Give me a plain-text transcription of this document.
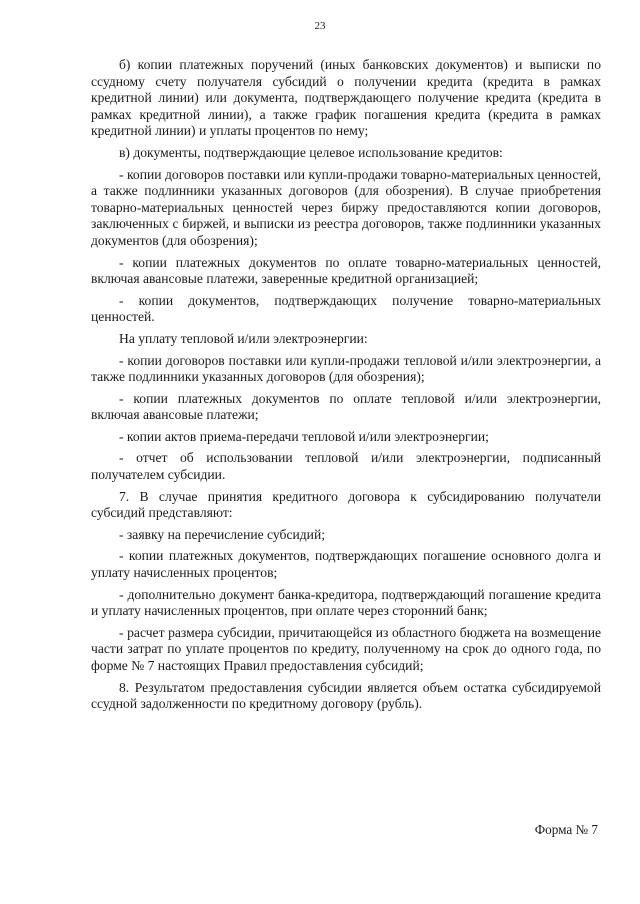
23

б) копии платежных поручений (иных банковских документов) и выписки по ссудному счету получателя субсидий о получении кредита (кредита в рамках кредитной линии) или документа, подтверждающего получение кредита (кредита в рамках кредитной линии), а также график погашения кредита (кредита в рамках кредитной линии) и уплаты процентов по нему;

в) документы, подтверждающие целевое использование кредитов:

- копии договоров поставки или купли-продажи товарно-материальных ценностей, а также подлинники указанных договоров (для обозрения). В случае приобретения товарно-материальных ценностей через биржу предоставляются копии договоров, заключенных с биржей, и выписки из реестра договоров, также подлинники указанных документов (для обозрения);

- копии платежных документов по оплате товарно-материальных ценностей, включая авансовые платежи, заверенные кредитной организацией;

- копии документов, подтверждающих получение товарно-материальных ценностей.

На уплату тепловой и/или электроэнергии:

- копии договоров поставки или купли-продажи тепловой и/или электроэнергии, а также подлинники указанных договоров (для обозрения);

- копии платежных документов по оплате тепловой и/или электроэнергии, включая авансовые платежи;

- копии актов приема-передачи тепловой и/или электроэнергии;

- отчет об использовании тепловой и/или электроэнергии, подписанный получателем субсидии.

7. В случае принятия кредитного договора к субсидированию получатели субсидий представляют:

- заявку на перечисление субсидий;

- копии платежных документов, подтверждающих погашение основного долга и уплату начисленных процентов;

- дополнительно документ банка-кредитора, подтверждающий погашение кредита и уплату начисленных процентов, при оплате через сторонний банк;

- расчет размера субсидии, причитающейся из областного бюджета на возмещение части затрат по уплате процентов по кредиту, полученному на срок до одного года, по форме № 7 настоящих Правил предоставления субсидий;

8. Результатом предоставления субсидии является объем остатка субсидируемой ссудной задолженности по кредитному договору (рубль).

Форма № 7
